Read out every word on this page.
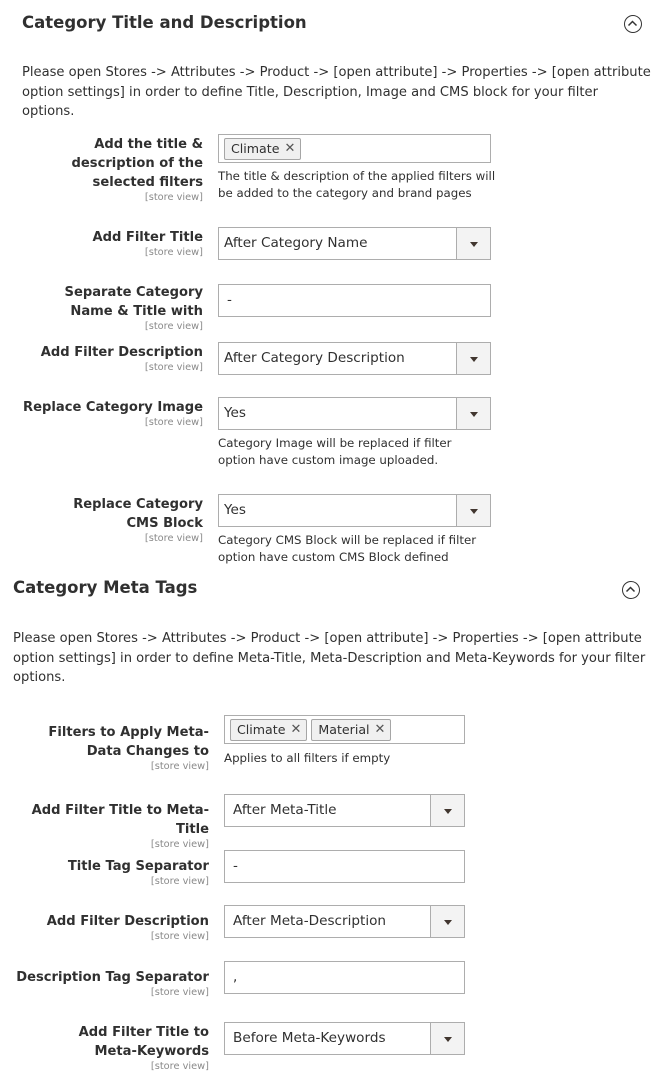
Category Title and Description

Please open Stores -> Attributes -> Product -> [open attribute] -> Properties -> [open attribute option settings] in order to define Title, Description, Image and CMS block for your filter options.

Add the title & description of the selected filters
[store view]
Climate ✕
The title & description of the applied filters will be added to the category and brand pages
Add Filter Title
[store view]
After Category Name
Separate Category Name & Title with
[store view]
-
Add Filter Description
[store view]
After Category Description
Replace Category Image
[store view]
Yes
Category Image will be replaced if filter option have custom image uploaded.
Replace Category CMS Block
[store view]
Yes
Category CMS Block will be replaced if filter option have custom CMS Block defined
Category Meta Tags

Please open Stores -> Attributes -> Product -> [open attribute] -> Properties -> [open attribute option settings] in order to define Meta-Title, Meta-Description and Meta-Keywords for your filter options.

Filters to Apply Meta-Data Changes to
[store view]
Climate ✕ Material ✕
Applies to all filters if empty
Add Filter Title to Meta-Title
[store view]
After Meta-Title
Title Tag Separator
[store view]
-
Add Filter Description
[store view]
After Meta-Description
Description Tag Separator
[store view]
,
Add Filter Title to Meta-Keywords
[store view]
Before Meta-Keywords
